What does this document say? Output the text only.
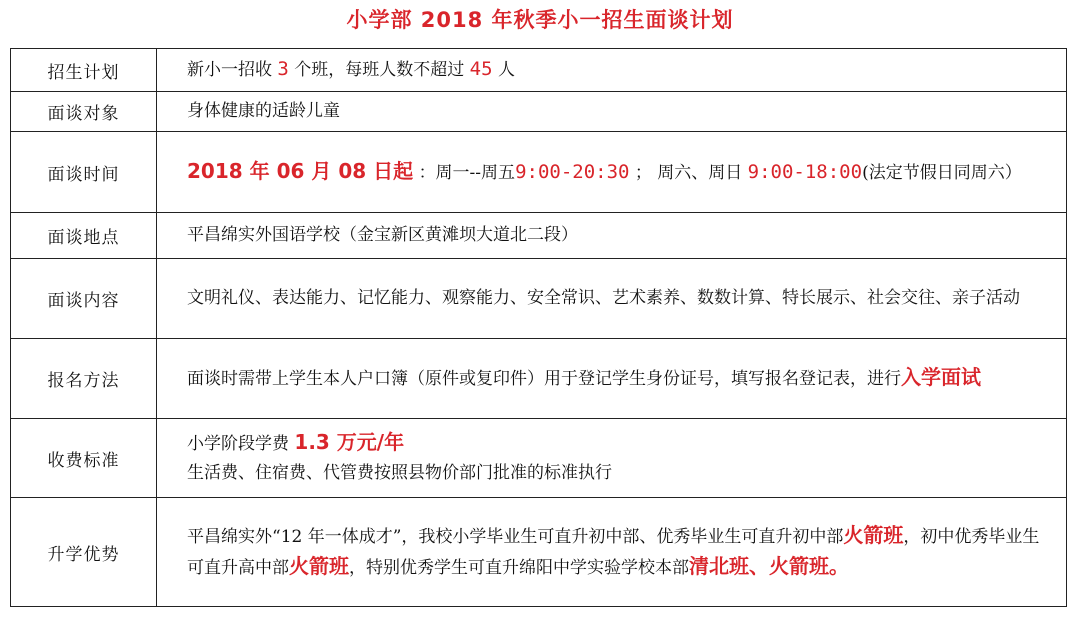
小学部 2018 年秋季小一招生面谈计划
招生计划	新小一招收 3 个班，每班人数不超过 45 人
面谈对象	身体健康的适龄儿童
面谈时间	2018 年 06 月 08 日起 ：周一--周五9:00-20:30 ； 周六、周日 9:00-18:00(法定节假日同周六）
面谈地点	平昌绵实外国语学校（金宝新区黄滩坝大道北二段）
面谈内容	文明礼仪、表达能力、记忆能力、观察能力、安全常识、艺术素养、数数计算、特长展示、社会交往、亲子活动
报名方法	面谈时需带上学生本人户口簿（原件或复印件）用于登记学生身份证号，填写报名登记表，进行入学面试
收费标准	小学阶段学费 1.3 万元/年
生活费、住宿费、代管费按照县物价部门批准的标准执行
升学优势	平昌绵实外“12 年一体成才”，我校小学毕业生可直升初中部、优秀毕业生可直升初中部火箭班，初中优秀毕业生可直升高中部火箭班，特别优秀学生可直升绵阳中学实验学校本部清北班、火箭班。
